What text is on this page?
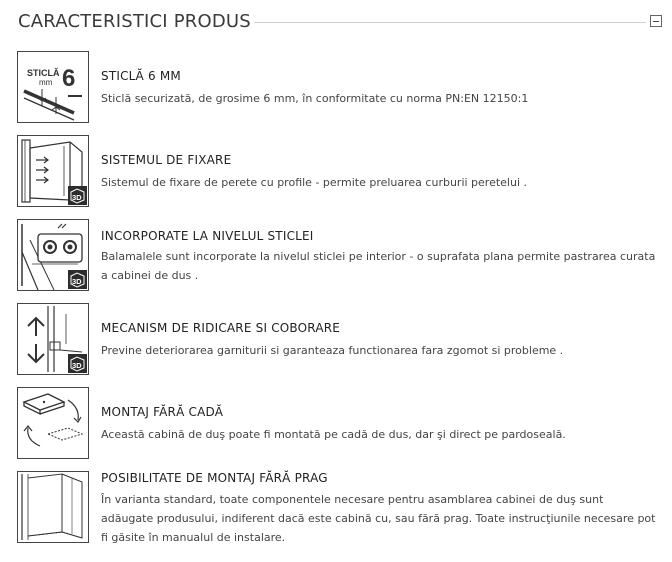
CARACTERISTICI PRODUS
STICLĂ
mm 6 STICLĂ 6 MM
Sticlă securizată, de grosime 6 mm, în conformitate cu norma PN:EN 12150:1
3D
SISTEMUL DE FIXARE
Sistemul de fixare de perete cu profile - permite preluarea curburii peretelui .
3D
INCORPORATE LA NIVELUL STICLEI
Balamalele sunt incorporate la nivelul sticlei pe interior - o suprafata plana permite pastrarea curata a cabinei de dus .
3D
MECANISM DE RIDICARE SI COBORARE
Previne deteriorarea garniturii si garanteaza functionarea fara zgomot si probleme .
MONTAJ FĂRĂ CADĂ
Această cabină de duş poate fi montată pe cadă de dus, dar şi direct pe pardoseală.
POSIBILITATE DE MONTAJ FĂRĂ PRAG
În varianta standard, toate componentele necesare pentru asamblarea cabinei de duş sunt adăugate produsului, indiferent dacă este cabină cu, sau fără prag. Toate instrucţiunile necesare pot fi găsite în manualul de instalare.
